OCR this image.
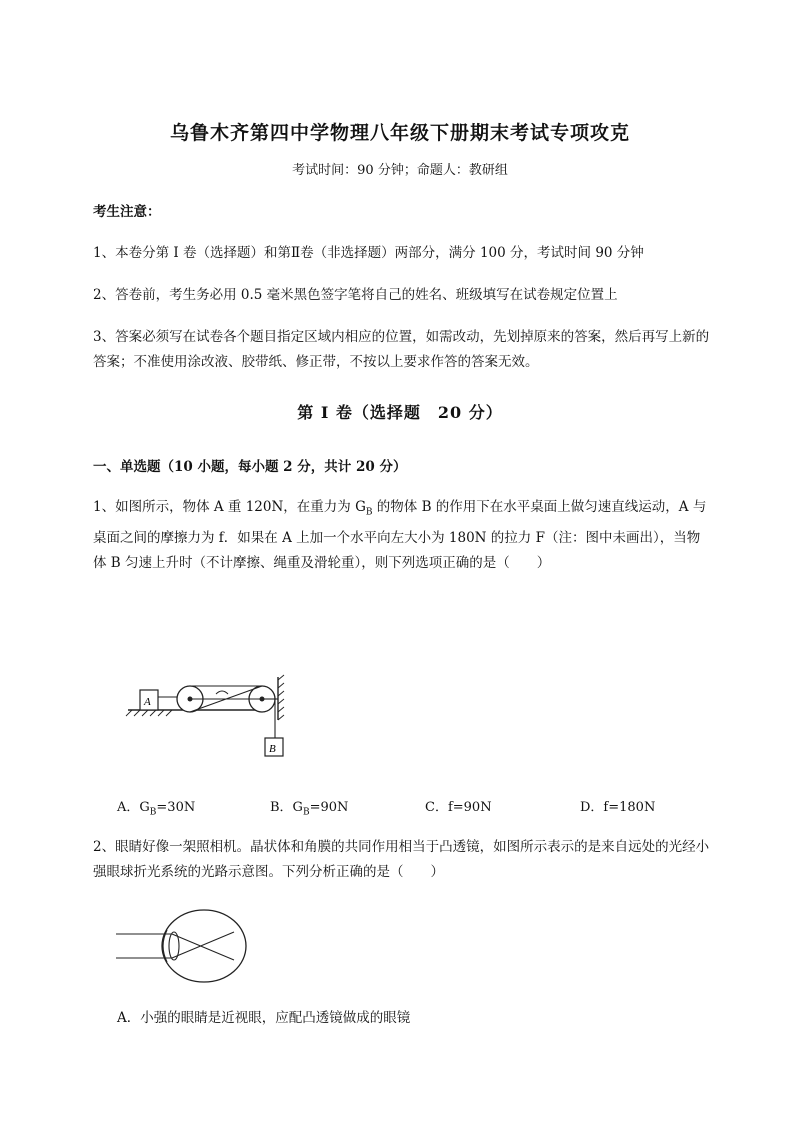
乌鲁木齐第四中学物理八年级下册期末考试专项攻克
考试时间：90 分钟；命题人：教研组
考生注意：
1、本卷分第 I 卷（选择题）和第Ⅱ卷（非选择题）两部分，满分 100 分，考试时间 90 分钟
2、答卷前，考生务必用 0.5 毫米黑色签字笔将自己的姓名、班级填写在试卷规定位置上
3、答案必须写在试卷各个题目指定区域内相应的位置，如需改动，先划掉原来的答案，然后再写上新的答案；不准使用涂改液、胶带纸、修正带，不按以上要求作答的答案无效。
第 I 卷（选择题　20 分）
一、单选题（10 小题，每小题 2 分，共计 20 分）
1、如图所示，物体 A 重 120N，在重力为 $G_B$ 的物体 B 的作用下在水平桌面上做匀速直线运动，A 与桌面之间的摩擦力为 f．如果在 A 上加一个水平向左大小为 180N 的拉力 F（注：图中未画出），当物体 B 匀速上升时（不计摩擦、绳重及滑轮重），则下列选项正确的是（　　）
A
B
A．$G_B=30N$	B．$G_B=90N$	C．f=90N	D．f=180N
2、眼睛好像一架照相机。晶状体和角膜的共同作用相当于凸透镜，如图所示表示的是来自远处的光经小强眼球折光系统的光路示意图。下列分析正确的是（　　）
A．小强的眼睛是近视眼，应配凸透镜做成的眼镜
